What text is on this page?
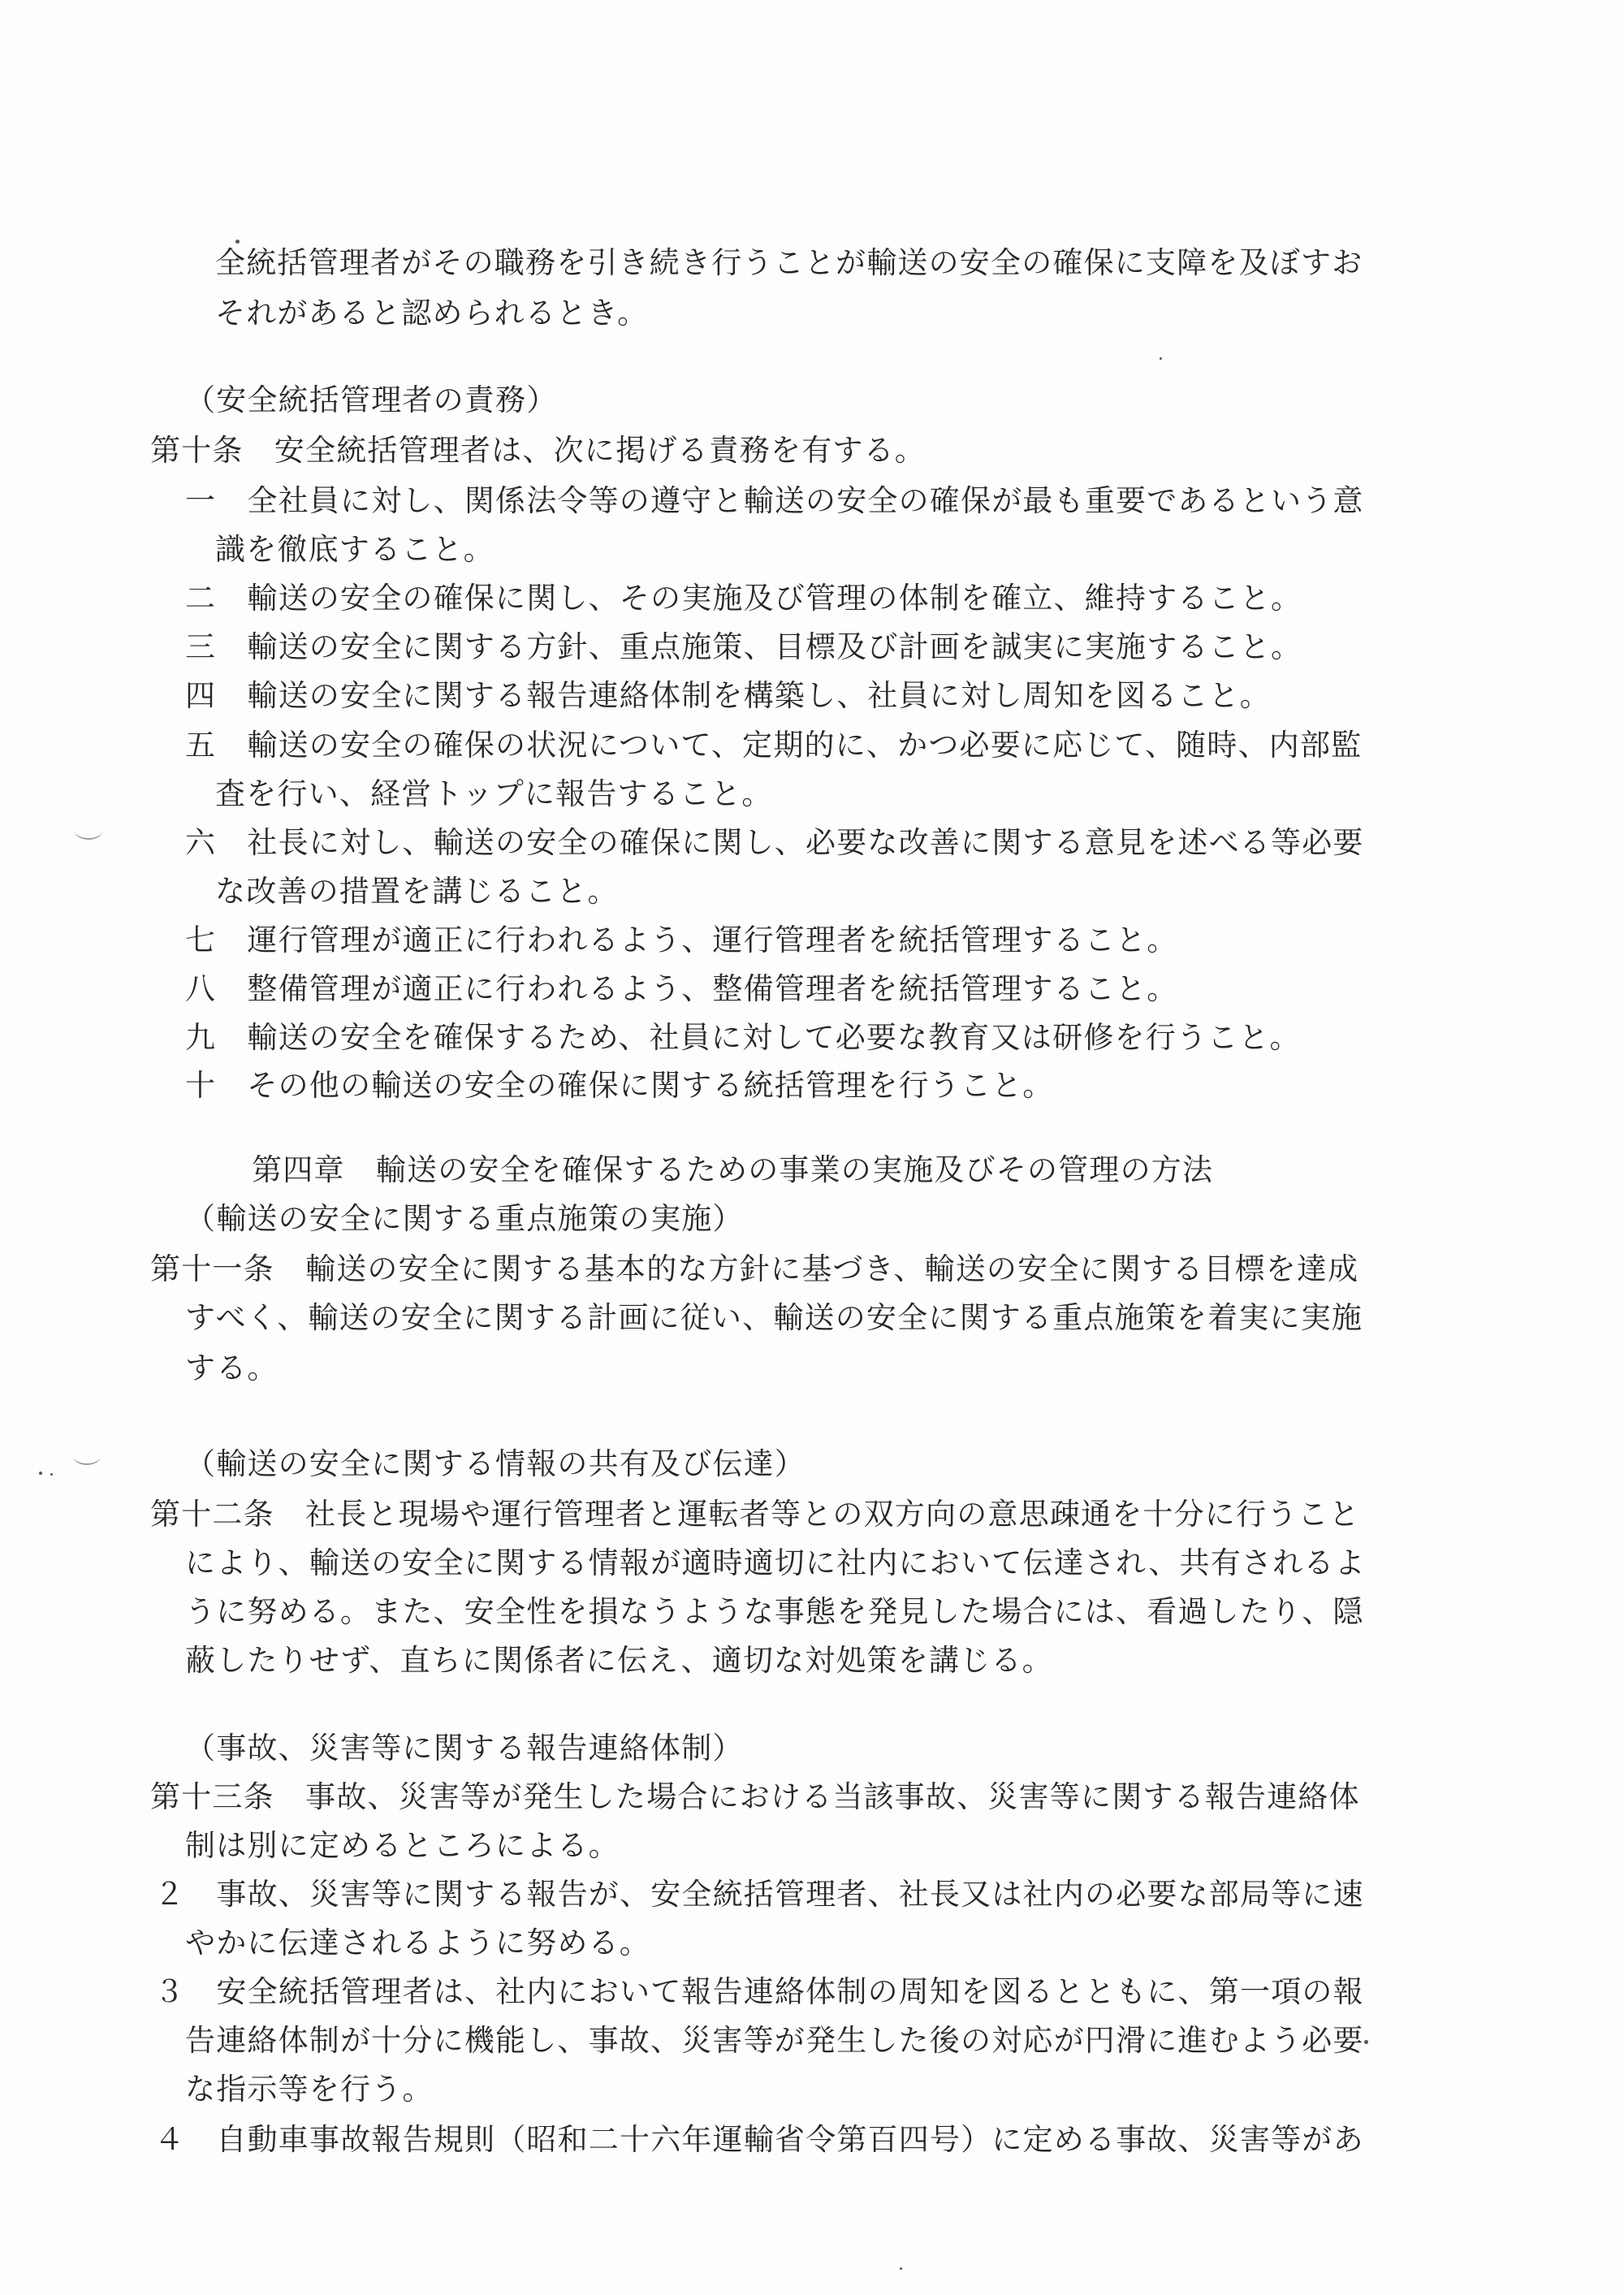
全統括管理者がその職務を引き続き行うことが輸送の安全の確保に支障を及ぼすお
それがあると認められるとき。
（安全統括管理者の責務）
第十条　安全統括管理者は、次に掲げる責務を有する。
一　全社員に対し、関係法令等の遵守と輸送の安全の確保が最も重要であるという意
識を徹底すること。
二　輸送の安全の確保に関し、その実施及び管理の体制を確立、維持すること。
三　輸送の安全に関する方針、重点施策、目標及び計画を誠実に実施すること。
四　輸送の安全に関する報告連絡体制を構築し、社員に対し周知を図ること。
五　輸送の安全の確保の状況について、定期的に、かつ必要に応じて、随時、内部監
査を行い、経営トップに報告すること。
六　社長に対し、輸送の安全の確保に関し、必要な改善に関する意見を述べる等必要
な改善の措置を講じること。
七　運行管理が適正に行われるよう、運行管理者を統括管理すること。
八　整備管理が適正に行われるよう、整備管理者を統括管理すること。
九　輸送の安全を確保するため、社員に対して必要な教育又は研修を行うこと。
十　その他の輸送の安全の確保に関する統括管理を行うこと。
第四章　輸送の安全を確保するための事業の実施及びその管理の方法
（輸送の安全に関する重点施策の実施）
第十一条　輸送の安全に関する基本的な方針に基づき、輸送の安全に関する目標を達成
すべく、輸送の安全に関する計画に従い、輸送の安全に関する重点施策を着実に実施
する。
（輸送の安全に関する情報の共有及び伝達）
第十二条　社長と現場や運行管理者と運転者等との双方向の意思疎通を十分に行うこと
により、輸送の安全に関する情報が適時適切に社内において伝達され、共有されるよ
うに努める。また、安全性を損なうような事態を発見した場合には、看過したり、隠
蔽したりせず、直ちに関係者に伝え、適切な対処策を講じる。
（事故、災害等に関する報告連絡体制）
第十三条　事故、災害等が発生した場合における当該事故、災害等に関する報告連絡体
制は別に定めるところによる。
２　事故、災害等に関する報告が、安全統括管理者、社長又は社内の必要な部局等に速
やかに伝達されるように努める。
３　安全統括管理者は、社内において報告連絡体制の周知を図るとともに、第一項の報
告連絡体制が十分に機能し、事故、災害等が発生した後の対応が円滑に進むよう必要
な指示等を行う。
４　自動車事故報告規則（昭和二十六年運輸省令第百四号）に定める事故、災害等があ
